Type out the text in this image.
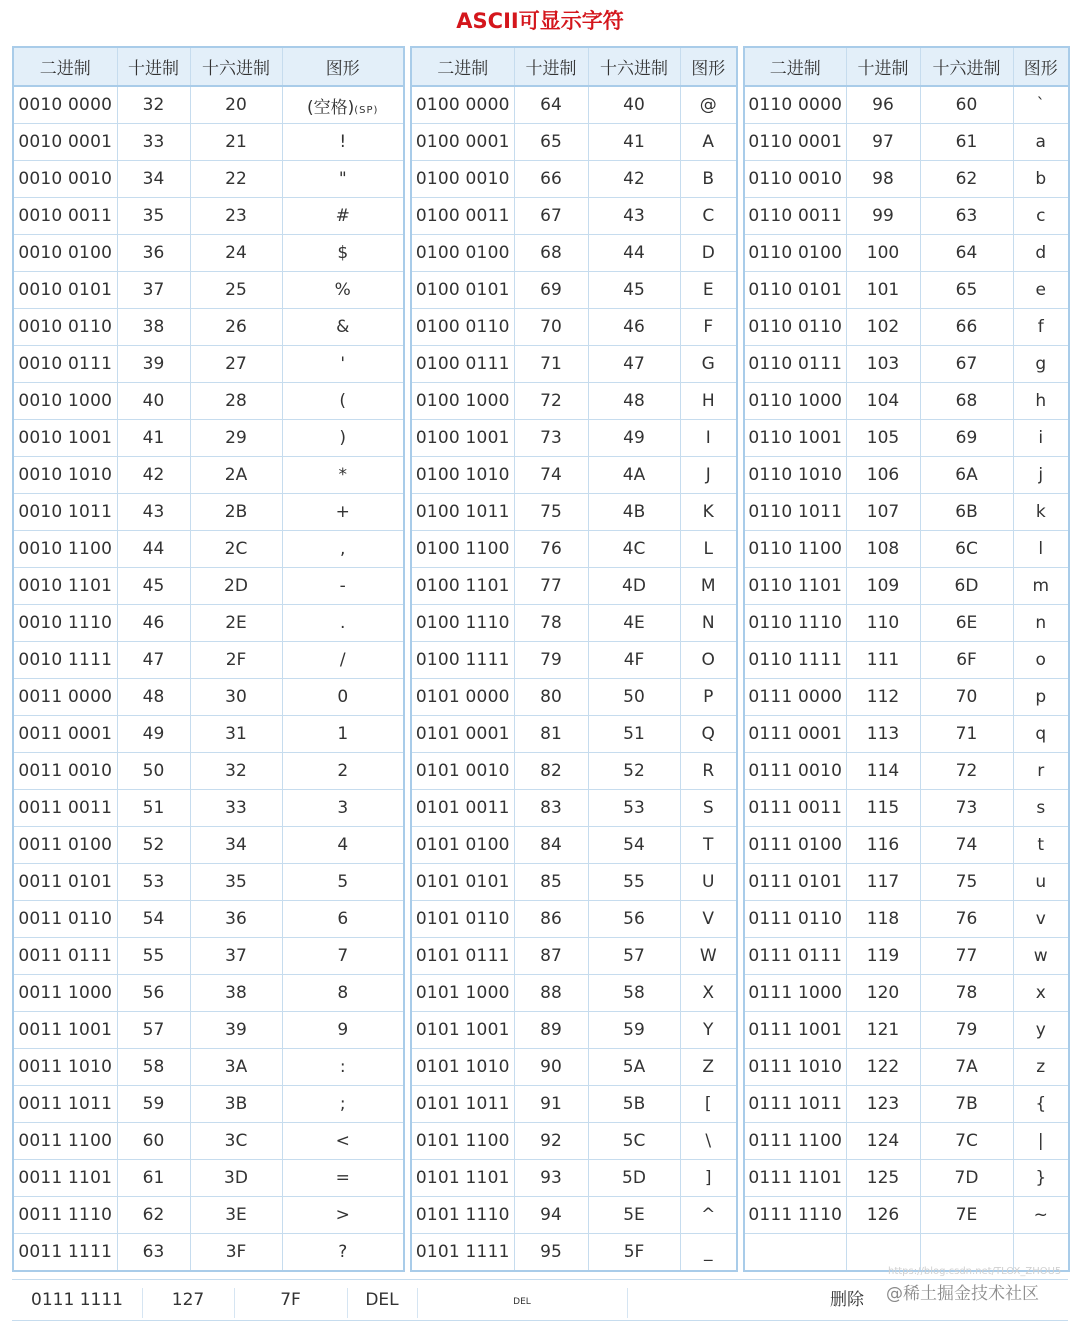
ASCII可显示字符
二进制	十进制	十六进制	图形
0010 0000	32	20	(空格)(SP)
0010 0001	33	21	!
0010 0010	34	22	"
0010 0011	35	23	#
0010 0100	36	24	$
0010 0101	37	25	%
0010 0110	38	26	&
0010 0111	39	27	'
0010 1000	40	28	(
0010 1001	41	29	)
0010 1010	42	2A	*
0010 1011	43	2B	+
0010 1100	44	2C	,
0010 1101	45	2D	-
0010 1110	46	2E	.
0010 1111	47	2F	/
0011 0000	48	30	0
0011 0001	49	31	1
0011 0010	50	32	2
0011 0011	51	33	3
0011 0100	52	34	4
0011 0101	53	35	5
0011 0110	54	36	6
0011 0111	55	37	7
0011 1000	56	38	8
0011 1001	57	39	9
0011 1010	58	3A	:
0011 1011	59	3B	;
0011 1100	60	3C	<
0011 1101	61	3D	=
0011 1110	62	3E	>
0011 1111	63	3F	?
二进制	十进制	十六进制	图形
0100 0000	64	40	@
0100 0001	65	41	A
0100 0010	66	42	B
0100 0011	67	43	C
0100 0100	68	44	D
0100 0101	69	45	E
0100 0110	70	46	F
0100 0111	71	47	G
0100 1000	72	48	H
0100 1001	73	49	I
0100 1010	74	4A	J
0100 1011	75	4B	K
0100 1100	76	4C	L
0100 1101	77	4D	M
0100 1110	78	4E	N
0100 1111	79	4F	O
0101 0000	80	50	P
0101 0001	81	51	Q
0101 0010	82	52	R
0101 0011	83	53	S
0101 0100	84	54	T
0101 0101	85	55	U
0101 0110	86	56	V
0101 0111	87	57	W
0101 1000	88	58	X
0101 1001	89	59	Y
0101 1010	90	5A	Z
0101 1011	91	5B	[
0101 1100	92	5C	\
0101 1101	93	5D	]
0101 1110	94	5E	^
0101 1111	95	5F	_
二进制	十进制	十六进制	图形
0110 0000	96	60	`
0110 0001	97	61	a
0110 0010	98	62	b
0110 0011	99	63	c
0110 0100	100	64	d
0110 0101	101	65	e
0110 0110	102	66	f
0110 0111	103	67	g
0110 1000	104	68	h
0110 1001	105	69	i
0110 1010	106	6A	j
0110 1011	107	6B	k
0110 1100	108	6C	l
0110 1101	109	6D	m
0110 1110	110	6E	n
0110 1111	111	6F	o
0111 0000	112	70	p
0111 0001	113	71	q
0111 0010	114	72	r
0111 0011	115	73	s
0111 0100	116	74	t
0111 0101	117	75	u
0111 0110	118	76	v
0111 0111	119	77	w
0111 1000	120	78	x
0111 1001	121	79	y
0111 1010	122	7A	z
0111 1011	123	7B	{
0111 1100	124	7C	|
0111 1101	125	7D	}
0111 1110	126	7E	~

0111 1111	127	7F	DEL	DEL	删除
https://blog.csdn.net/TLOX_ZHOU5
@稀土掘金技术社区
